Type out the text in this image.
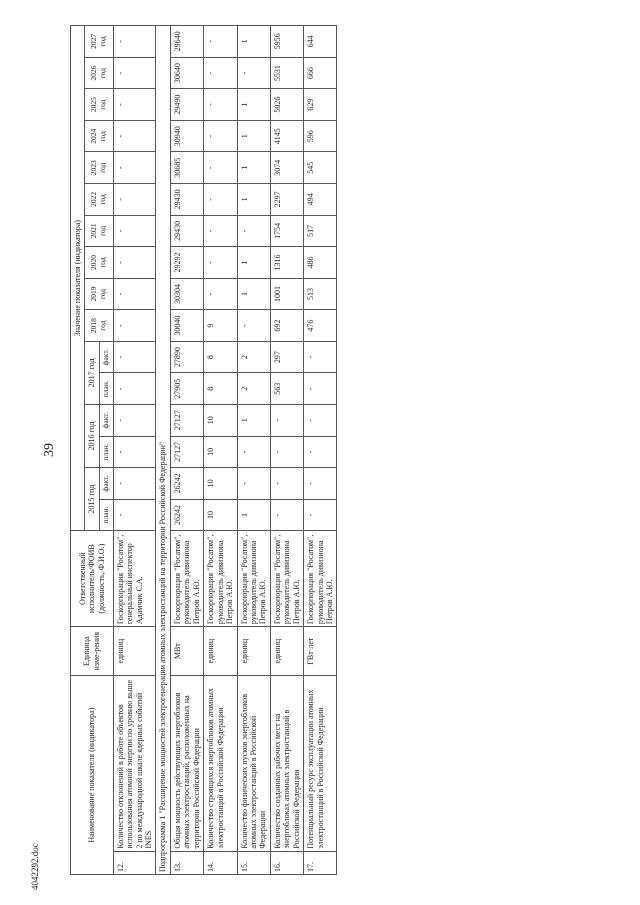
39
Наименование показателя (индикатора)		Единица изме-рения	Ответственный исполнитель/ФОИВ (должность, Ф.И.О.)	Значение показателя (индикатора)															
				2015 год		2016 год		2017 год		2018 год	2019 год	2020 год	2021 год	2022 год	2023 год	2024 год	2025 год	2026 год	2027 год
				план.	факт.	план.	факт.	план.	факт.										
12.	Количество отклонений в работе объектов использования атомной энергии по уровню выше 2 по международной шкале ядерных событий INES	единиц	Госкорпорация "Росатом", генеральный инспектор Адамчик С.А.	-	-	-	-	-	-	-	-	-	-	-	-	-	-	-	-
Подпрограмма 1 "Расширение мощностей электрогенерации атомных электростанций на территории Российской Федерации"																			
13.	Общая мощность действующих энергоблоков атомных электростанций, расположенных на территории Российской Федерации	МВт	Госкорпорация "Росатом", руководитель дивизиона Петров А.Ю.	26242	26242	27127	27127	27905	27890	30040	30304	29292	29430	29430	30685	30940	29490	30640	29640
14.	Количество строящихся энергоблоков атомных электростанций в Российской Федерации	единиц	Госкорпорация "Росатом", руководитель дивизиона Петров А.Ю.	10	10	10	10	8	8	9	-	-	-	-	-	-	-	-	-
15.	Количество физических пусков энергоблоков атомных электростанций в Российской Федерации	единиц	Госкорпорация "Росатом", руководитель дивизиона Петров А.Ю.	1	-	-	1	2	2	-	1	1	-	1	1	1	1	-	1
16.	Количество созданных рабочих мест на энергоблоках атомных электростанций в Российской Федерации	единиц	Госкорпорация "Росатом", руководитель дивизиона Петров А.Ю.	-	-	-	-	563	297	692	1001	1316	1754	2297	3074	4145	5026	5531	5956
17.	Потенциальный ресурс эксплуатации атомных электростанций в Российской Федерации	ГВт·лет	Госкорпорация "Росатом", руководитель дивизиона Петров А.Ю.	-	-	-	-	-	-	476	513	486	517	494	545	596	629	666	644
4042292.doc
